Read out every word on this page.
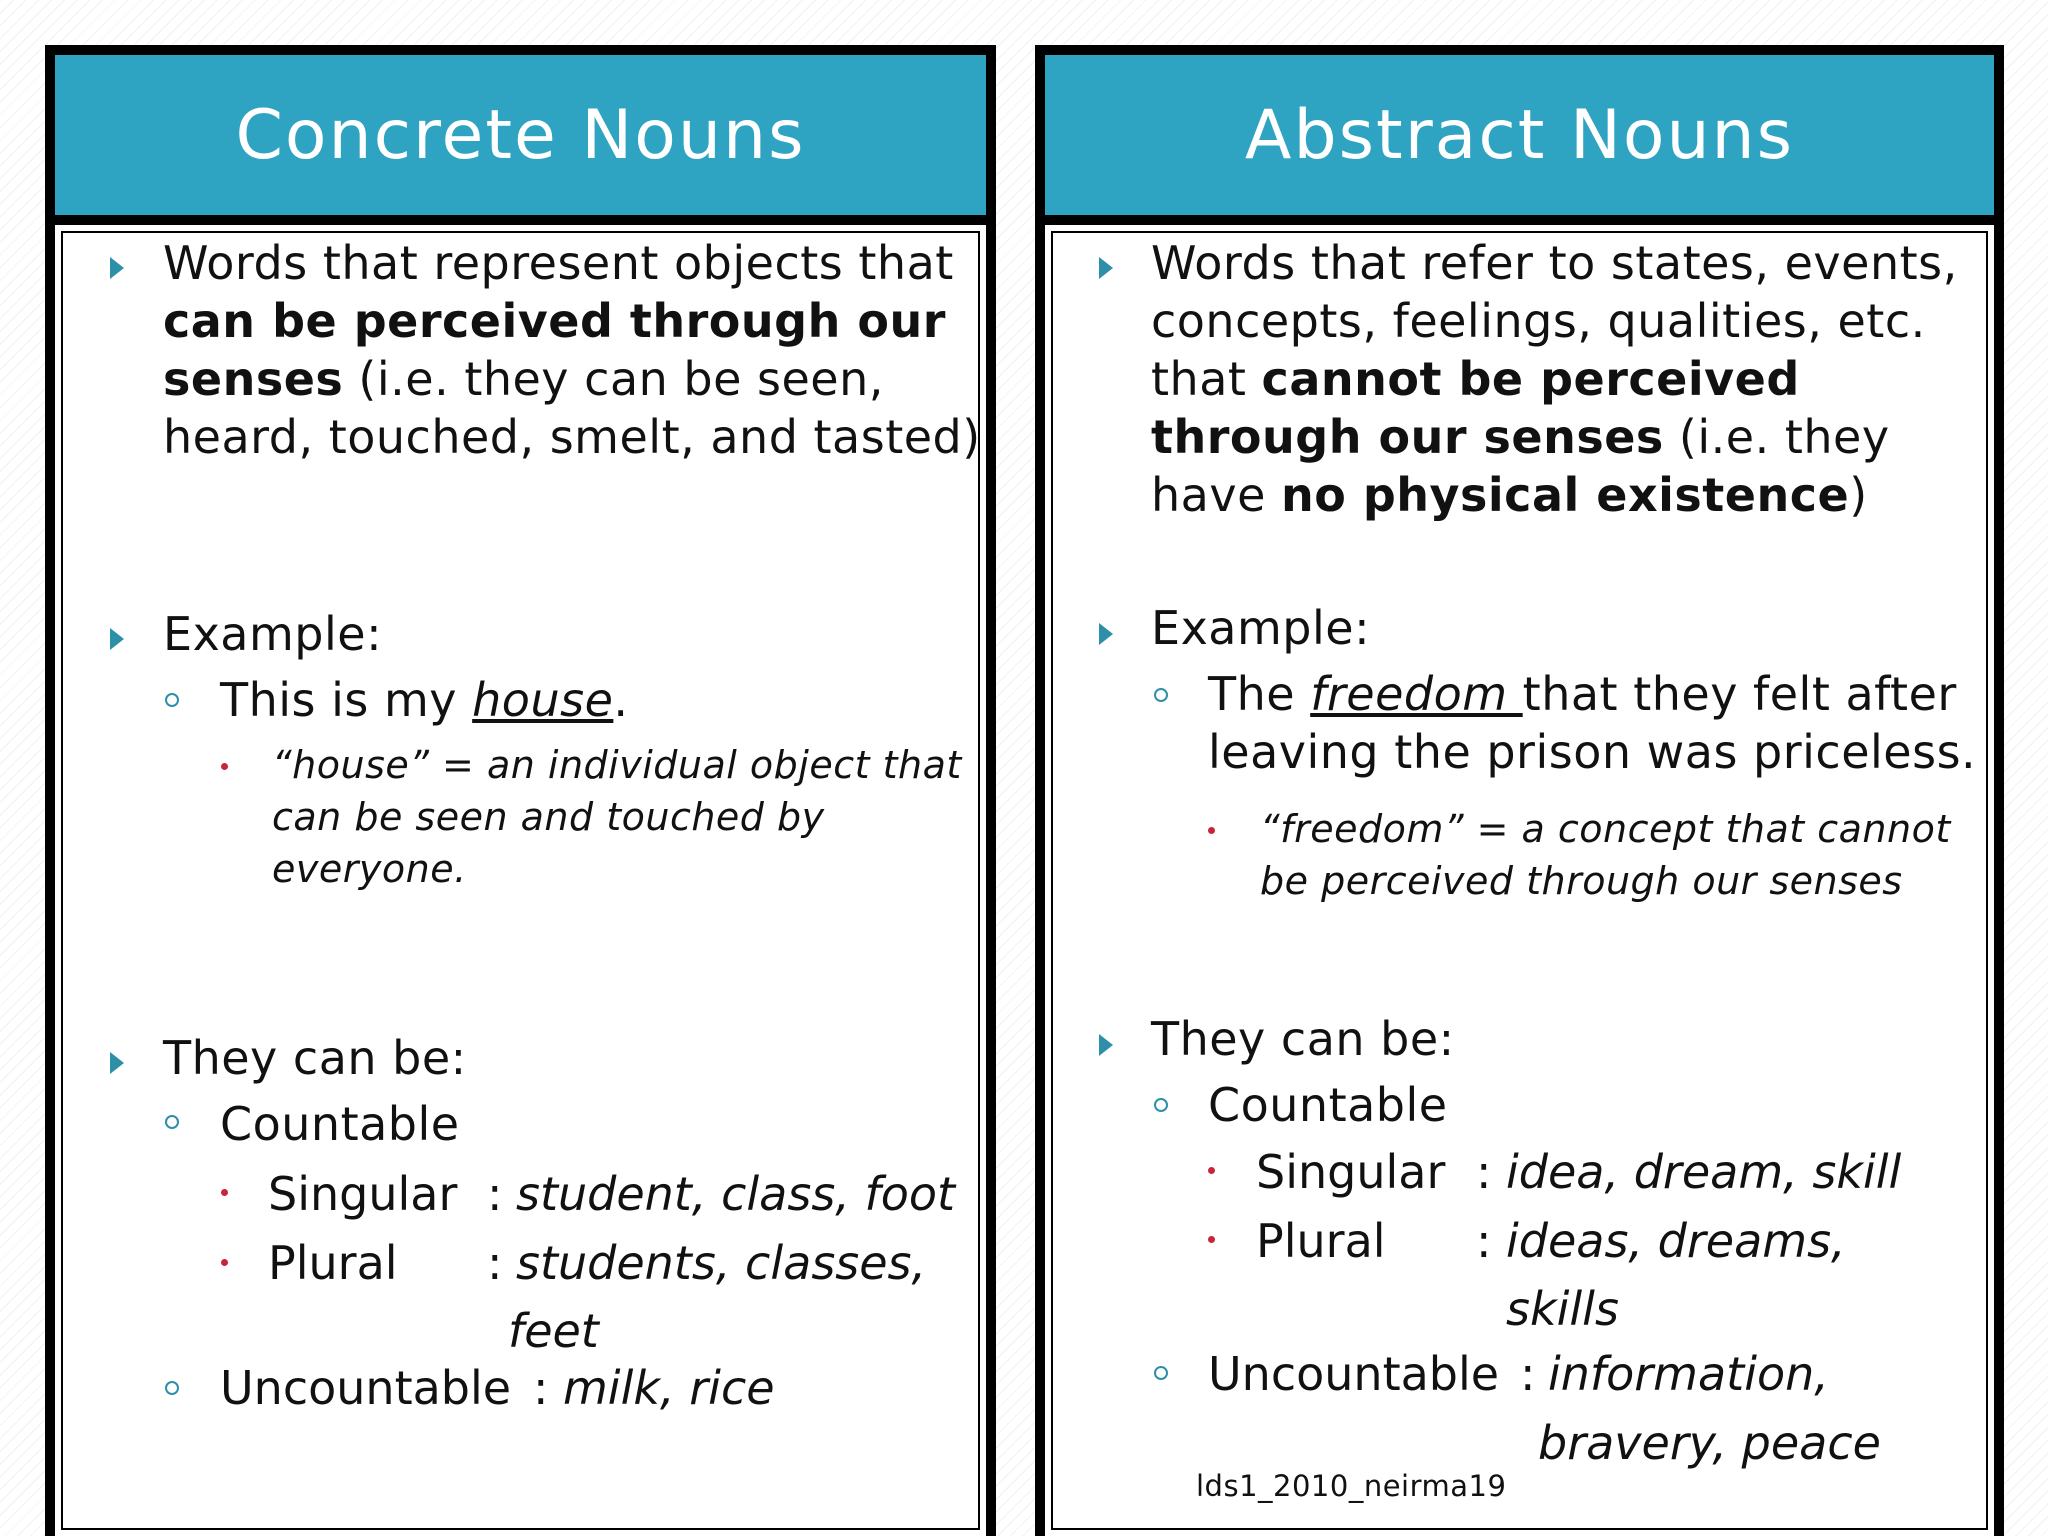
Concrete Nouns
Words that represent objects that can be perceived through our senses (i.e. they can be seen, heard, touched, smelt, and tasted)
Example:
This is my house.
“house” = an individual object that can be seen and touched by everyone.
They can be:
Countable
Singular : student, class, foot
Plural : students, classes,
feet
Uncountable : milk, rice
Abstract Nouns
Words that refer to states, events, concepts, feelings, qualities, etc. that cannot be perceived through our senses (i.e. they have no physical existence)
Example:
The freedom that they felt after leaving the prison was priceless.
“freedom” = a concept that cannot be perceived through our senses
They can be:
Countable
Singular : idea, dream, skill
Plural : ideas, dreams,
skills
Uncountable : information,
bravery, peace
lds1_2010_neirma19
